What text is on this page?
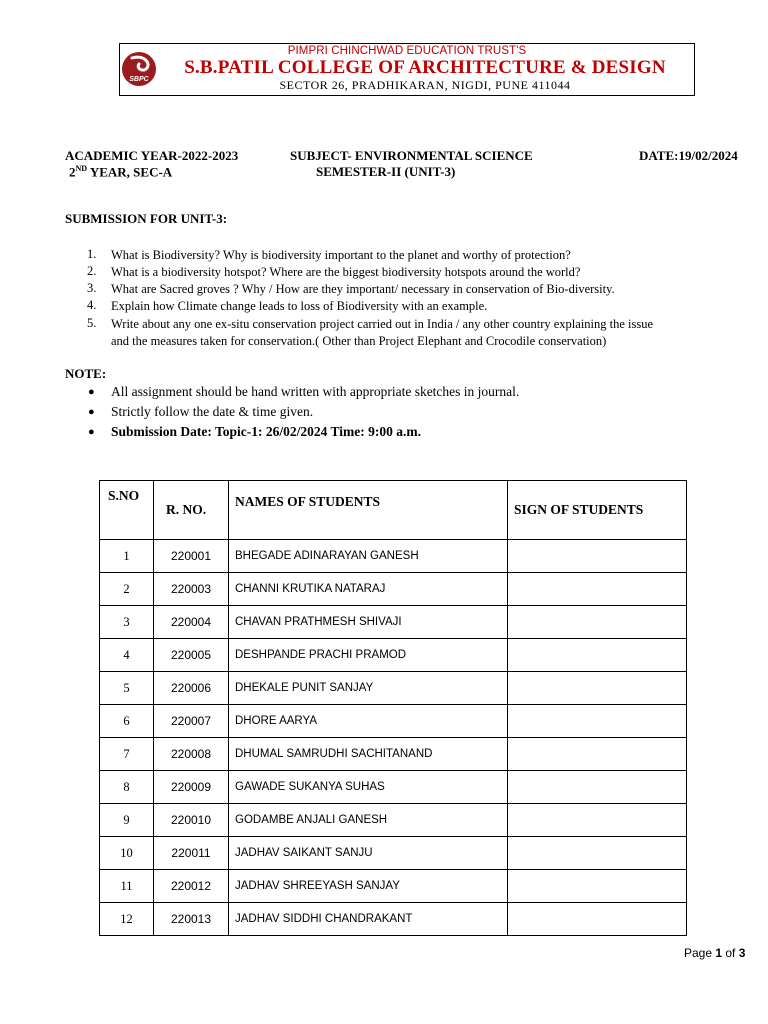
SBPC
PIMPRI CHINCHWAD EDUCATION TRUST'S
S.B.PATIL COLLEGE OF ARCHITECTURE & DESIGN
SECTOR 26, PRADHIKARAN, NIGDI, PUNE 411044
ACADEMIC YEAR-2022-2023
2ND YEAR, SEC-A
SUBJECT- ENVIRONMENTAL SCIENCE
SEMESTER-II (UNIT-3)
DATE:19/02/2024
SUBMISSION FOR UNIT-3:
1. What is Biodiversity? Why is biodiversity important to the planet and worthy of protection?
2. What is a biodiversity hotspot? Where are the biggest biodiversity hotspots around the world?
3. What are Sacred groves ? Why / How are they important/ necessary in conservation of Bio-diversity.
4. Explain how Climate change leads to loss of Biodiversity with an example.
5. Write about any one ex-situ conservation project carried out in India / any other country explaining the issue
and the measures taken for conservation.( Other than Project Elephant and Crocodile conservation)
NOTE:
● All assignment should be hand written with appropriate sketches in journal.
● Strictly follow the date & time given.
● Submission Date: Topic-1: 26/02/2024 Time: 9:00 a.m.
S.NO	R. NO.	NAMES OF STUDENTS	SIGN OF STUDENTS
1	220001	BHEGADE ADINARAYAN GANESH	
2	220003	CHANNI KRUTIKA NATARAJ	
3	220004	CHAVAN PRATHMESH SHIVAJI	
4	220005	DESHPANDE PRACHI PRAMOD	
5	220006	DHEKALE PUNIT SANJAY	
6	220007	DHORE AARYA	
7	220008	DHUMAL SAMRUDHI SACHITANAND	
8	220009	GAWADE SUKANYA SUHAS	
9	220010	GODAMBE ANJALI GANESH	
10	220011	JADHAV SAIKANT SANJU	
11	220012	JADHAV SHREEYASH SANJAY	
12	220013	JADHAV SIDDHI CHANDRAKANT	
Page 1 of 3
